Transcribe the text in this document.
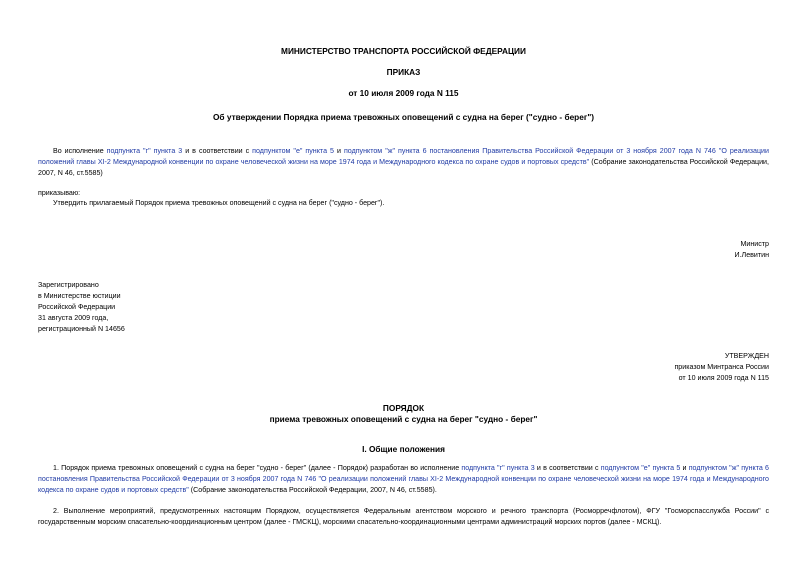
МИНИСТЕРСТВО ТРАНСПОРТА РОССИЙСКОЙ ФЕДЕРАЦИИ
ПРИКАЗ
от 10 июля 2009 года N 115
Об утверждении Порядка приема тревожных оповещений с судна на берег ("судно - берег")
Во исполнение подпункта "г" пункта 3 и в соответствии с подпунктом "е" пункта 5 и подпунктом "ж" пункта 6 постановления Правительства Российской Федерации от 3 ноября 2007 года N 746 "О реализации положений главы XI-2 Международной конвенции по охране человеческой жизни на море 1974 года и Международного кодекса по охране судов и портовых средств" (Собрание законодательства Российской Федерации, 2007, N 46, ст.5585)
приказываю:
Утвердить прилагаемый Порядок приема тревожных оповещений с судна на берег ("судно - берег").
Министр
И.Левитин
Зарегистрировано
в Министерстве юстиции
Российской Федерации
31 августа 2009 года,
регистрационный N 14656
УТВЕРЖДЕН
приказом Минтранса России
от 10 июля 2009 года N 115
ПОРЯДОК
приема тревожных оповещений с судна на берег "судно - берег"
I. Общие положения
1. Порядок приема тревожных оповещений с судна на берег "судно - берег" (далее - Порядок) разработан во исполнение подпункта "г" пункта 3 и в соответствии с подпунктом "е" пункта 5 и подпунктом "ж" пункта 6 постановления Правительства Российской Федерации от 3 ноября 2007 года N 746 "О реализации положений главы XI-2 Международной конвенции по охране человеческой жизни на море 1974 года и Международного кодекса по охране судов и портовых средств" (Собрание законодательства Российской Федерации, 2007, N 46, ст.5585).
2. Выполнение мероприятий, предусмотренных настоящим Порядком, осуществляется Федеральным агентством морского и речного транспорта (Росморречфлотом), ФГУ "Госморспасслужба России" с государственным морским спасательно-координационным центром (далее - ГМСКЦ), морскими спасательно-координационными центрами администраций морских портов (далее - МСКЦ).
